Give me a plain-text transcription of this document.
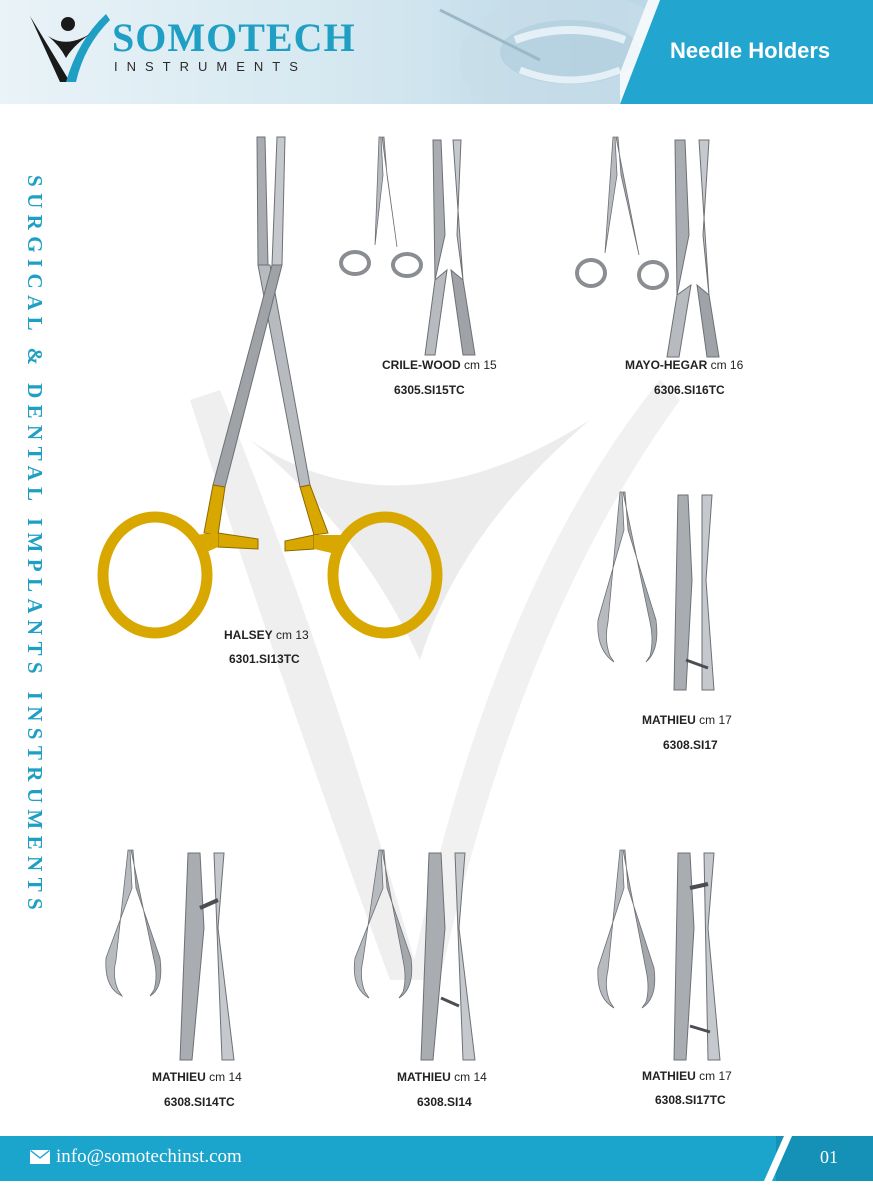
SOMOTECH
INSTRUMENTS
Needle Holders
SURGICAL & DENTAL IMPLANTS INSTRUMENTS	HALSEY cm 13
6301.SI13TC
CRILE-WOOD cm 15
6305.SI15TC
MAYO-HEGAR cm 16
6306.SI16TC
MATHIEU cm 17
6308.SI17
MATHIEU cm 14
6308.SI14TC
MATHIEU cm 14
6308.SI14
MATHIEU cm 17
6308.SI17TC
info@somotechinst.com	01
